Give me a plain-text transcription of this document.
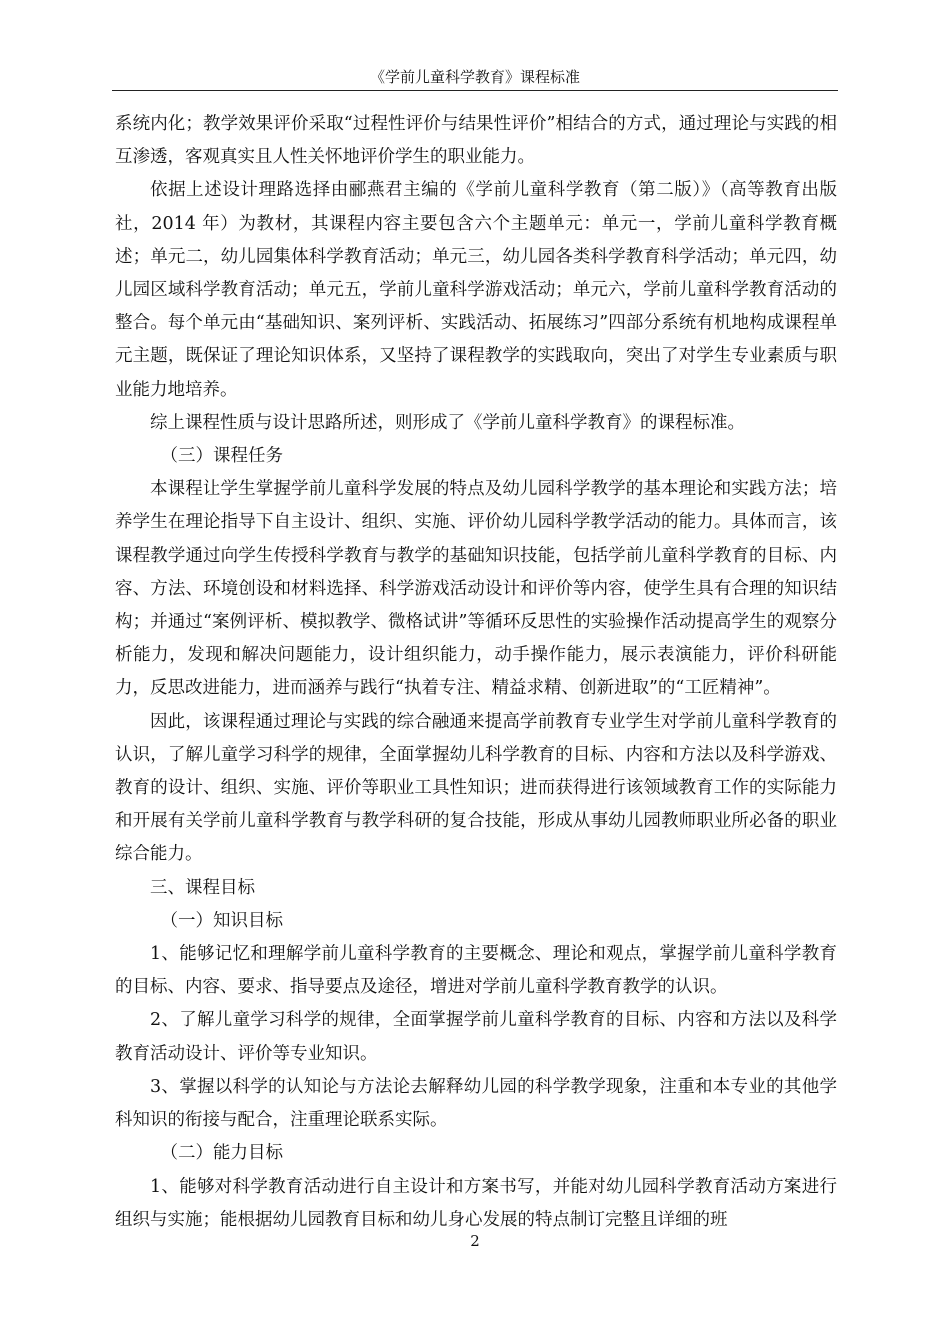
《学前儿童科学教育》课程标准

系统内化；教学效果评价采取“过程性评价与结果性评价”相结合的方式，通过理论与实践的相互渗透，客观真实且人性关怀地评价学生的职业能力。

依据上述设计理路选择由郦燕君主编的《学前儿童科学教育（第二版）》（高等教育出版社，2014 年）为教材，其课程内容主要包含六个主题单元：单元一，学前儿童科学教育概述；单元二，幼儿园集体科学教育活动；单元三，幼儿园各类科学教育科学活动；单元四，幼儿园区域科学教育活动；单元五，学前儿童科学游戏活动；单元六，学前儿童科学教育活动的整合。每个单元由“基础知识、案列评析、实践活动、拓展练习”四部分系统有机地构成课程单元主题，既保证了理论知识体系，又坚持了课程教学的实践取向，突出了对学生专业素质与职业能力地培养。

综上课程性质与设计思路所述，则形成了《学前儿童科学教育》的课程标准。

（三）课程任务

本课程让学生掌握学前儿童科学发展的特点及幼儿园科学教学的基本理论和实践方法；培养学生在理论指导下自主设计、组织、实施、评价幼儿园科学教学活动的能力。具体而言，该课程教学通过向学生传授科学教育与教学的基础知识技能，包括学前儿童科学教育的目标、内容、方法、环境创设和材料选择、科学游戏活动设计和评价等内容，使学生具有合理的知识结构；并通过“案例评析、模拟教学、微格试讲”等循环反思性的实验操作活动提高学生的观察分析能力，发现和解决问题能力，设计组织能力，动手操作能力，展示表演能力，评价科研能力，反思改进能力，进而涵养与践行“执着专注、精益求精、创新进取”的“工匠精神”。

因此，该课程通过理论与实践的综合融通来提高学前教育专业学生对学前儿童科学教育的认识，了解儿童学习科学的规律，全面掌握幼儿科学教育的目标、内容和方法以及科学游戏、教育的设计、组织、实施、评价等职业工具性知识；进而获得进行该领域教育工作的实际能力和开展有关学前儿童科学教育与教学科研的复合技能，形成从事幼儿园教师职业所必备的职业综合能力。

三、课程目标

（一）知识目标

1、能够记忆和理解学前儿童科学教育的主要概念、理论和观点，掌握学前儿童科学教育的目标、内容、要求、指导要点及途径，增进对学前儿童科学教育教学的认识。

2、了解儿童学习科学的规律，全面掌握学前儿童科学教育的目标、内容和方法以及科学教育活动设计、评价等专业知识。

3、掌握以科学的认知论与方法论去解释幼儿园的科学教学现象，注重和本专业的其他学科知识的衔接与配合，注重理论联系实际。

（二）能力目标

1、能够对科学教育活动进行自主设计和方案书写，并能对幼儿园科学教育活动方案进行组织与实施；能根据幼儿园教育目标和幼儿身心发展的特点制订完整且详细的班

2
